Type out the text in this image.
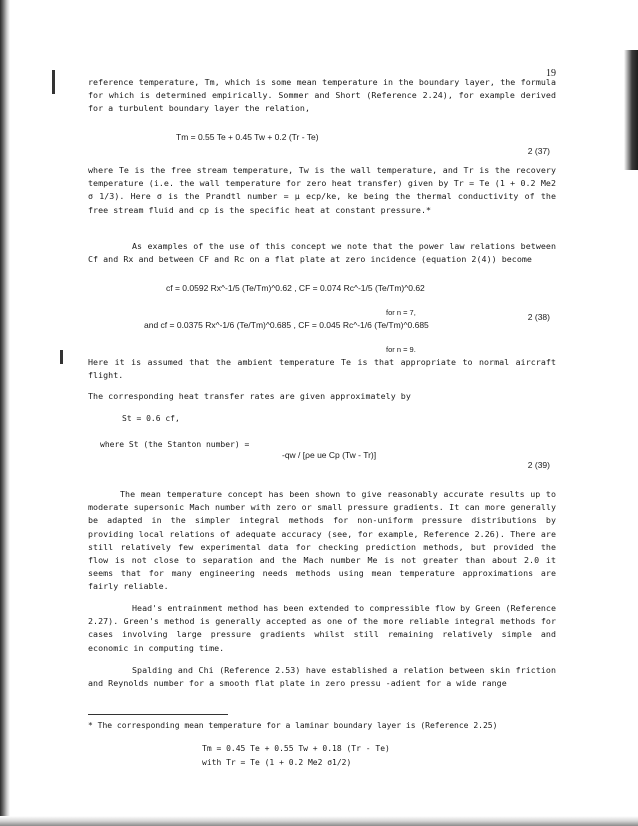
19

reference temperature, Tm, which is some mean temperature in the boundary layer, the formula for which is determined empirically. Sommer and Short (Reference 2.24), for example derived for a turbulent boundary layer the relation,

Tm = 0.55 Te + 0.45 Tw + 0.2 (Tr - Te)
2 (37)

where Te is the free stream temperature, Tw is the wall temperature, and Tr is the recovery temperature (i.e. the wall temperature for zero heat transfer) given by Tr = Te (1 + 0.2 Me2 σ 1/3). Here σ is the Prandtl number = μ ecp/ke, ke being the thermal conductivity of the free stream fluid and cp is the specific heat at constant pressure.*

As examples of the use of this concept we note that the power law relations between Cf and Rx and between CF and Rc on a flat plate at zero incidence (equation 2(4)) become

cf = 0.0592 Rx^-1/5 (Te/Tm)^0.62 , CF = 0.074 Rc^-1/5 (Te/Tm)^0.62
for n = 7,	2 (38)
and cf = 0.0375 Rx^-1/6 (Te/Tm)^0.685 , CF = 0.045 Rc^-1/6 (Te/Tm)^0.685
for n = 9.

Here it is assumed that the ambient temperature Te is that appropriate to normal aircraft flight.

The corresponding heat transfer rates are given approximately by

St = 0.6 cf,
where St (the Stanton number) =
-qw / [ρe ue Cp (Tw - Tr)]
2 (39)

The mean temperature concept has been shown to give reasonably accurate results up to moderate supersonic Mach number with zero or small pressure gradients. It can more generally be adapted in the simpler integral methods for non-uniform pressure distributions by providing local relations of adequate accuracy (see, for example, Reference 2.26). There are still relatively few experimental data for checking prediction methods, but provided the flow is not close to separation and the Mach number Me is not greater than about 2.0 it seems that for many engineering needs methods using mean temperature approximations are fairly reliable.

Head's entrainment method has been extended to compressible flow by Green (Reference 2.27). Green's method is generally accepted as one of the more reliable integral methods for cases involving large pressure gradients whilst still remaining relatively simple and economic in computing time.

Spalding and Chi (Reference 2.53) have established a relation between skin friction and Reynolds number for a smooth flat plate in zero pressu -adient for a wide range

* The corresponding mean temperature for a laminar boundary layer is (Reference 2.25)

Tm = 0.45 Te + 0.55 Tw + 0.18 (Tr - Te)
with Tr = Te (1 + 0.2 Me2 σ1/2)
